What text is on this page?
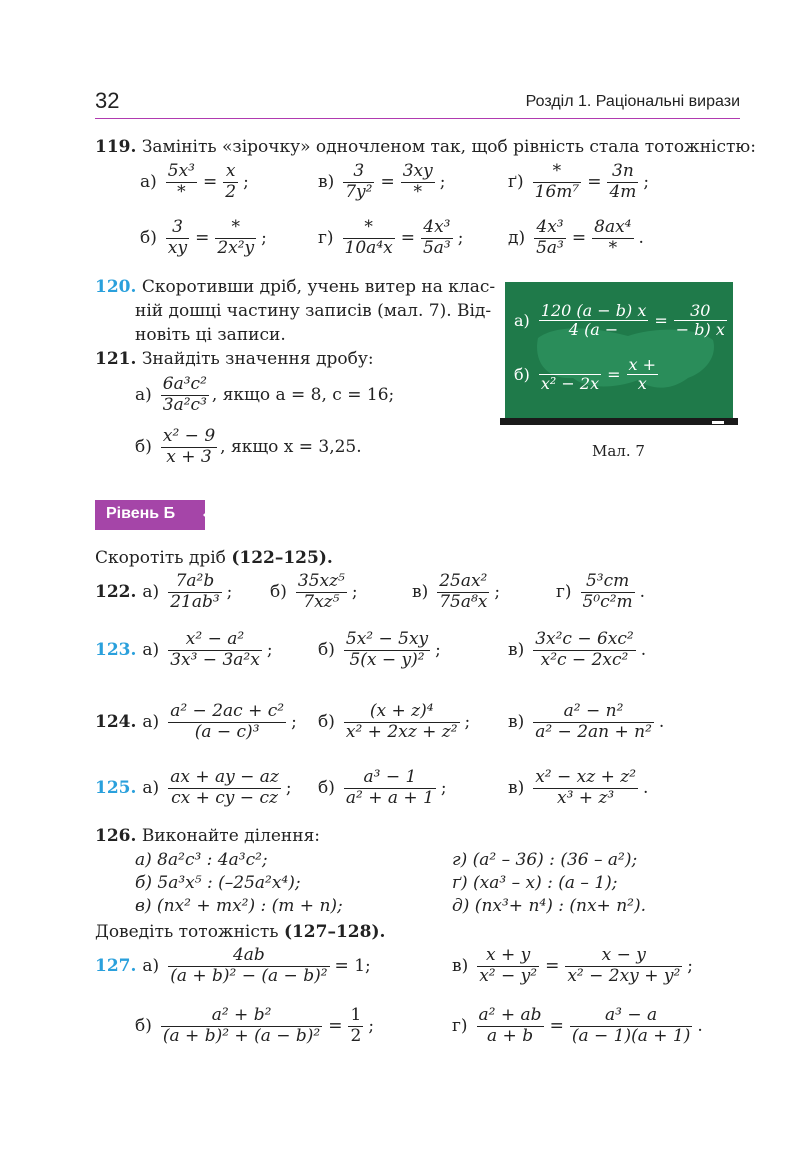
32	Розділ 1. Раціональні вирази
119. Замініть «зірочку» одночленом так, щоб рівність стала тотожністю:
$а) \frac{\text{5x³}}{*} = \frac{x}{2}$ ;	$в) \frac{3}{\text{7y²}} = \frac{3xy}{*}$ ;	$ґ) \frac{*}{\text{16m⁷}} = \frac{3n}{4m}$ ;
$б) \frac{3}{xy} = \frac{*}{\text{2x²y}}$ ;	$г) \frac{*}{\text{10a⁴x}} = \frac{\text{4x³}}{\text{5a³}}$ ;	$д) \frac{\text{4x³}}{\text{5a³}} = \frac{\text{8ax⁴}}{*}$ .
120. Скоротивши дріб, учень витер на клас-
ній дошці частину записів (мал. 7). Від-
новіть ці записи.
$а) \frac{120 (a - b) x}{4 (a -} = \frac{30}{- b) x}$
б)
$x^2 - 2x = \frac{x +}{x}$
Мал. 7
121. Знайдіть значення дробу:
$а) \frac{\text{6a³c²}}{\text{3a²c³}}$ , якщо a = 8, c = 16;
$б) \frac{\text{x² − 9}}{x + 3}$ , якщо x = 3,25.
Рівень Б
Скоротіть дріб (122–125).
122. $а) \frac{\text{7a²b}}{\text{21ab³}}$ ; $б) \frac{\text{35xz⁵}}{\text{7xz⁵}}$ ;	$в) \frac{\text{25ax²}}{\text{75a⁸x}}$ ;	$г) \frac{\text{5³cm}}{\text{5⁰c²m}}$ .
123. $а) \frac{\text{x² − a²}}{\text{3x³ − 3a²x}}$ ;	$б) \frac{\text{5x² − 5xy}}{\text{5(x − y)²}}$ ;	$в) \frac{\text{3x²c − 6xc²}}{\text{x²c − 2xc²}}$ .
124. $а) \frac{\text{a² − 2ac + c²}}{\text{(a − c)³}}$ ; $б) \frac{\text{(x + z)⁴}}{\text{x² + 2xz + z²}}$ ; $в) \frac{\text{a² − n²}}{\text{a² − 2an + n²}}$ .
125. $а) \frac{ax + ay - az}{cx + cy - cz}$ ; $б) \frac{\text{a³ − 1}}{\text{a² + a + 1}}$ ;	$в) \frac{\text{x² − xz + z²}}{\text{x³ + z³}}$ .
126. Виконайте ділення:
а) 8a²c³ : 4a³c²;
б) 5a³x⁵ : (–25a²x⁴);
в) (nx² + mx²) : (m + n);
г) (a² – 36) : (36 – a²);
ґ) (xa³ – x) : (a – 1);
д) (nx³+ n⁴) : (nx+ n²).
Доведіть тотожність (127–128).
127. $а) \frac{4ab}{\text{(a + b)² − (a − b)²}} = 1$;	$в) \frac{x + y}{\text{x² − y²}} = \frac{x - y}{\text{x² − 2xy + y²}}$ ;
$б) \frac{\text{a² + b²}}{\text{(a + b)² + (a − b)²}} = \frac{1}{2}$ ;	$г) \frac{\text{a² + ab}}{a + b} = \frac{\text{a³ − a}}{(a - 1)(a + 1)}$ .
